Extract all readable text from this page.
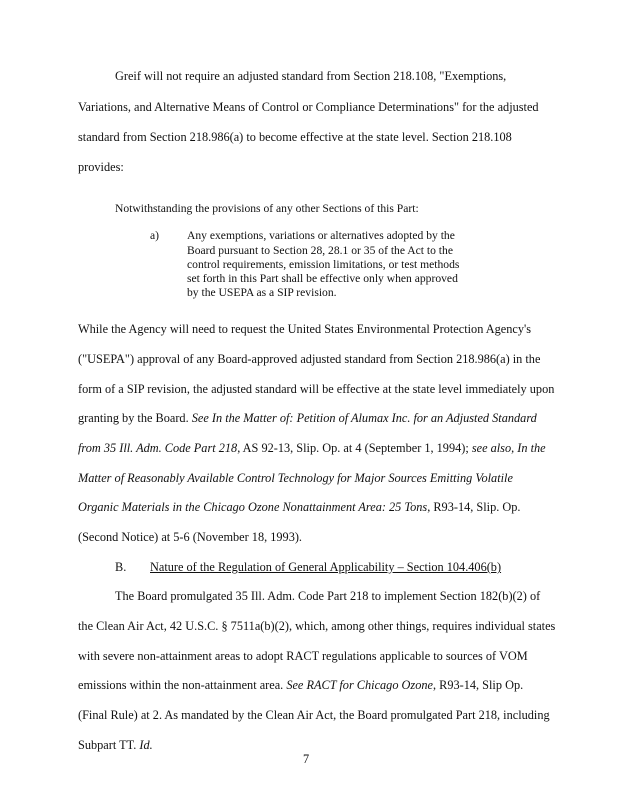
Greif will not require an adjusted standard from Section 218.108, "Exemptions,
Variations, and Alternative Means of Control or Compliance Determinations" for the adjusted
standard from Section 218.986(a) to become effective at the state level. Section 218.108
provides:
Notwithstanding the provisions of any other Sections of this Part:
a) Any exemptions, variations or alternatives adopted by the
Board pursuant to Section 28, 28.1 or 35 of the Act to the
control requirements, emission limitations, or test methods
set forth in this Part shall be effective only when approved
by the USEPA as a SIP revision.
While the Agency will need to request the United States Environmental Protection Agency's
("USEPA") approval of any Board-approved adjusted standard from Section 218.986(a) in the
form of a SIP revision, the adjusted standard will be effective at the state level immediately upon
granting by the Board. See In the Matter of: Petition of Alumax Inc. for an Adjusted Standard
from 35 Ill. Adm. Code Part 218, AS 92-13, Slip. Op. at 4 (September 1, 1994); see also, In the
Matter of Reasonably Available Control Technology for Major Sources Emitting Volatile
Organic Materials in the Chicago Ozone Nonattainment Area: 25 Tons, R93-14, Slip. Op.
(Second Notice) at 5-6 (November 18, 1993).
B. Nature of the Regulation of General Applicability – Section 104.406(b)
The Board promulgated 35 Ill. Adm. Code Part 218 to implement Section 182(b)(2) of
the Clean Air Act, 42 U.S.C. § 7511a(b)(2), which, among other things, requires individual states
with severe non-attainment areas to adopt RACT regulations applicable to sources of VOM
emissions within the non-attainment area. See RACT for Chicago Ozone, R93-14, Slip Op.
(Final Rule) at 2. As mandated by the Clean Air Act, the Board promulgated Part 218, including
Subpart TT. Id.
7
